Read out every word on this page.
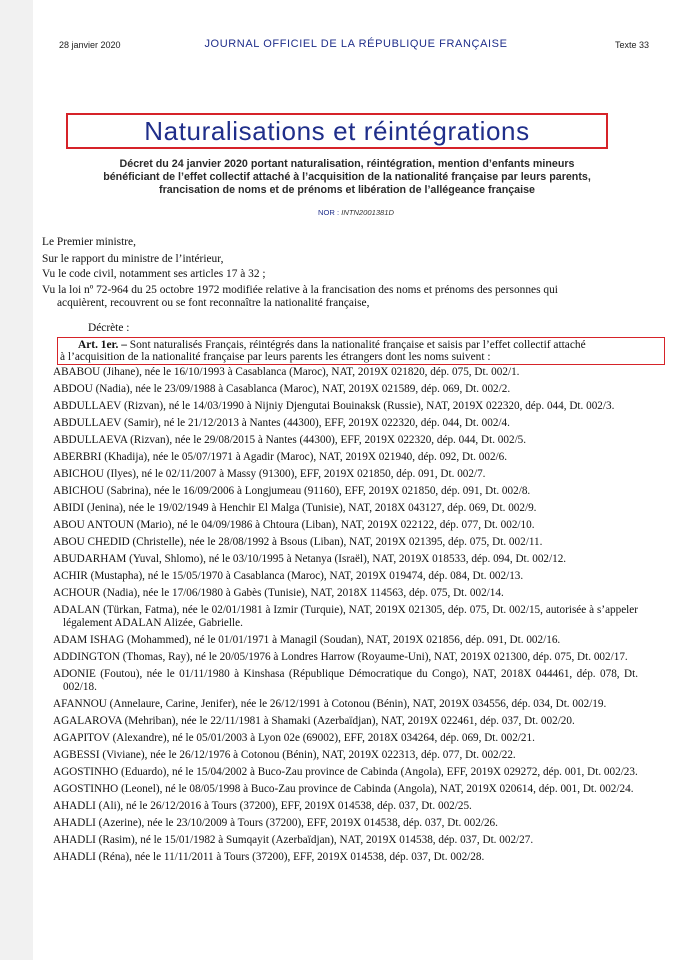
28 janvier 2020	JOURNAL OFFICIEL DE LA RÉPUBLIQUE FRANÇAISE	Texte 33
Naturalisations et réintégrations
Décret du 24 janvier 2020 portant naturalisation, réintégration, mention d’enfants mineurs
bénéficiant de l’effet collectif attaché à l’acquisition de la nationalité française par leurs parents,
francisation de noms et de prénoms et libération de l’allégeance française
NOR : INTN2001381D
Le Premier ministre,
Sur le rapport du ministre de l’intérieur,
Vu le code civil, notamment ses articles 17 à 32 ;
Vu la loi nº 72-964 du 25 octobre 1972 modifiée relative à la francisation des noms et prénoms des personnes qui
acquièrent, recouvrent ou se font reconnaître la nationalité française,
Décrète :
Art. 1er. – Sont naturalisés Français, réintégrés dans la nationalité française et saisis par l’effet collectif attaché
à l’acquisition de la nationalité française par leurs parents les étrangers dont les noms suivent :
ABABOU (Jihane), née le 16/10/1993 à Casablanca (Maroc), NAT, 2019X 021820, dép. 075, Dt. 002/1.
ABDOU (Nadia), née le 23/09/1988 à Casablanca (Maroc), NAT, 2019X 021589, dép. 069, Dt. 002/2.
ABDULLAEV (Rizvan), né le 14/03/1990 à Nijniy Djengutai Bouinaksk (Russie), NAT, 2019X 022320, dép. 044, Dt. 002/3.
ABDULLAEV (Samir), né le 21/12/2013 à Nantes (44300), EFF, 2019X 022320, dép. 044, Dt. 002/4.
ABDULLAEVA (Rizvan), née le 29/08/2015 à Nantes (44300), EFF, 2019X 022320, dép. 044, Dt. 002/5.
ABERBRI (Khadija), née le 05/07/1971 à Agadir (Maroc), NAT, 2019X 021940, dép. 092, Dt. 002/6.
ABICHOU (Ilyes), né le 02/11/2007 à Massy (91300), EFF, 2019X 021850, dép. 091, Dt. 002/7.
ABICHOU (Sabrina), née le 16/09/2006 à Longjumeau (91160), EFF, 2019X 021850, dép. 091, Dt. 002/8.
ABIDI (Jenina), née le 19/02/1949 à Henchir El Malga (Tunisie), NAT, 2018X 043127, dép. 069, Dt. 002/9.
ABOU ANTOUN (Mario), né le 04/09/1986 à Chtoura (Liban), NAT, 2019X 022122, dép. 077, Dt. 002/10.
ABOU CHEDID (Christelle), née le 28/08/1992 à Bsous (Liban), NAT, 2019X 021395, dép. 075, Dt. 002/11.
ABUDARHAM (Yuval, Shlomo), né le 03/10/1995 à Netanya (Israël), NAT, 2019X 018533, dép. 094, Dt. 002/12.
ACHIR (Mustapha), né le 15/05/1970 à Casablanca (Maroc), NAT, 2019X 019474, dép. 084, Dt. 002/13.
ACHOUR (Nadia), née le 17/06/1980 à Gabès (Tunisie), NAT, 2018X 114563, dép. 075, Dt. 002/14.
ADALAN (Türkan, Fatma), née le 02/01/1981 à Izmir (Turquie), NAT, 2019X 021305, dép. 075, Dt. 002/15, autorisée à s’appeler légalement ADALAN Alizée, Gabrielle.
ADAM ISHAG (Mohammed), né le 01/01/1971 à Managil (Soudan), NAT, 2019X 021856, dép. 091, Dt. 002/16.
ADDINGTON (Thomas, Ray), né le 20/05/1976 à Londres Harrow (Royaume-Uni), NAT, 2019X 021300, dép. 075, Dt. 002/17.
ADONIE (Foutou), née le 01/11/1980 à Kinshasa (République Démocratique du Congo), NAT, 2018X 044461, dép. 078, Dt. 002/18.
AFANNOU (Annelaure, Carine, Jenifer), née le 26/12/1991 à Cotonou (Bénin), NAT, 2019X 034556, dép. 034, Dt. 002/19.
AGALAROVA (Mehriban), née le 22/11/1981 à Shamaki (Azerbaïdjan), NAT, 2019X 022461, dép. 037, Dt. 002/20.
AGAPITOV (Alexandre), né le 05/01/2003 à Lyon 02e (69002), EFF, 2018X 034264, dép. 069, Dt. 002/21.
AGBESSI (Viviane), née le 26/12/1976 à Cotonou (Bénin), NAT, 2019X 022313, dép. 077, Dt. 002/22.
AGOSTINHO (Eduardo), né le 15/04/2002 à Buco-Zau province de Cabinda (Angola), EFF, 2019X 029272, dép. 001, Dt. 002/23.
AGOSTINHO (Leonel), né le 08/05/1998 à Buco-Zau province de Cabinda (Angola), NAT, 2019X 020614, dép. 001, Dt. 002/24.
AHADLI (Ali), né le 26/12/2016 à Tours (37200), EFF, 2019X 014538, dép. 037, Dt. 002/25.
AHADLI (Azerine), née le 23/10/2009 à Tours (37200), EFF, 2019X 014538, dép. 037, Dt. 002/26.
AHADLI (Rasim), né le 15/01/1982 à Sumqayit (Azerbaïdjan), NAT, 2019X 014538, dép. 037, Dt. 002/27.
AHADLI (Réna), née le 11/11/2011 à Tours (37200), EFF, 2019X 014538, dép. 037, Dt. 002/28.
